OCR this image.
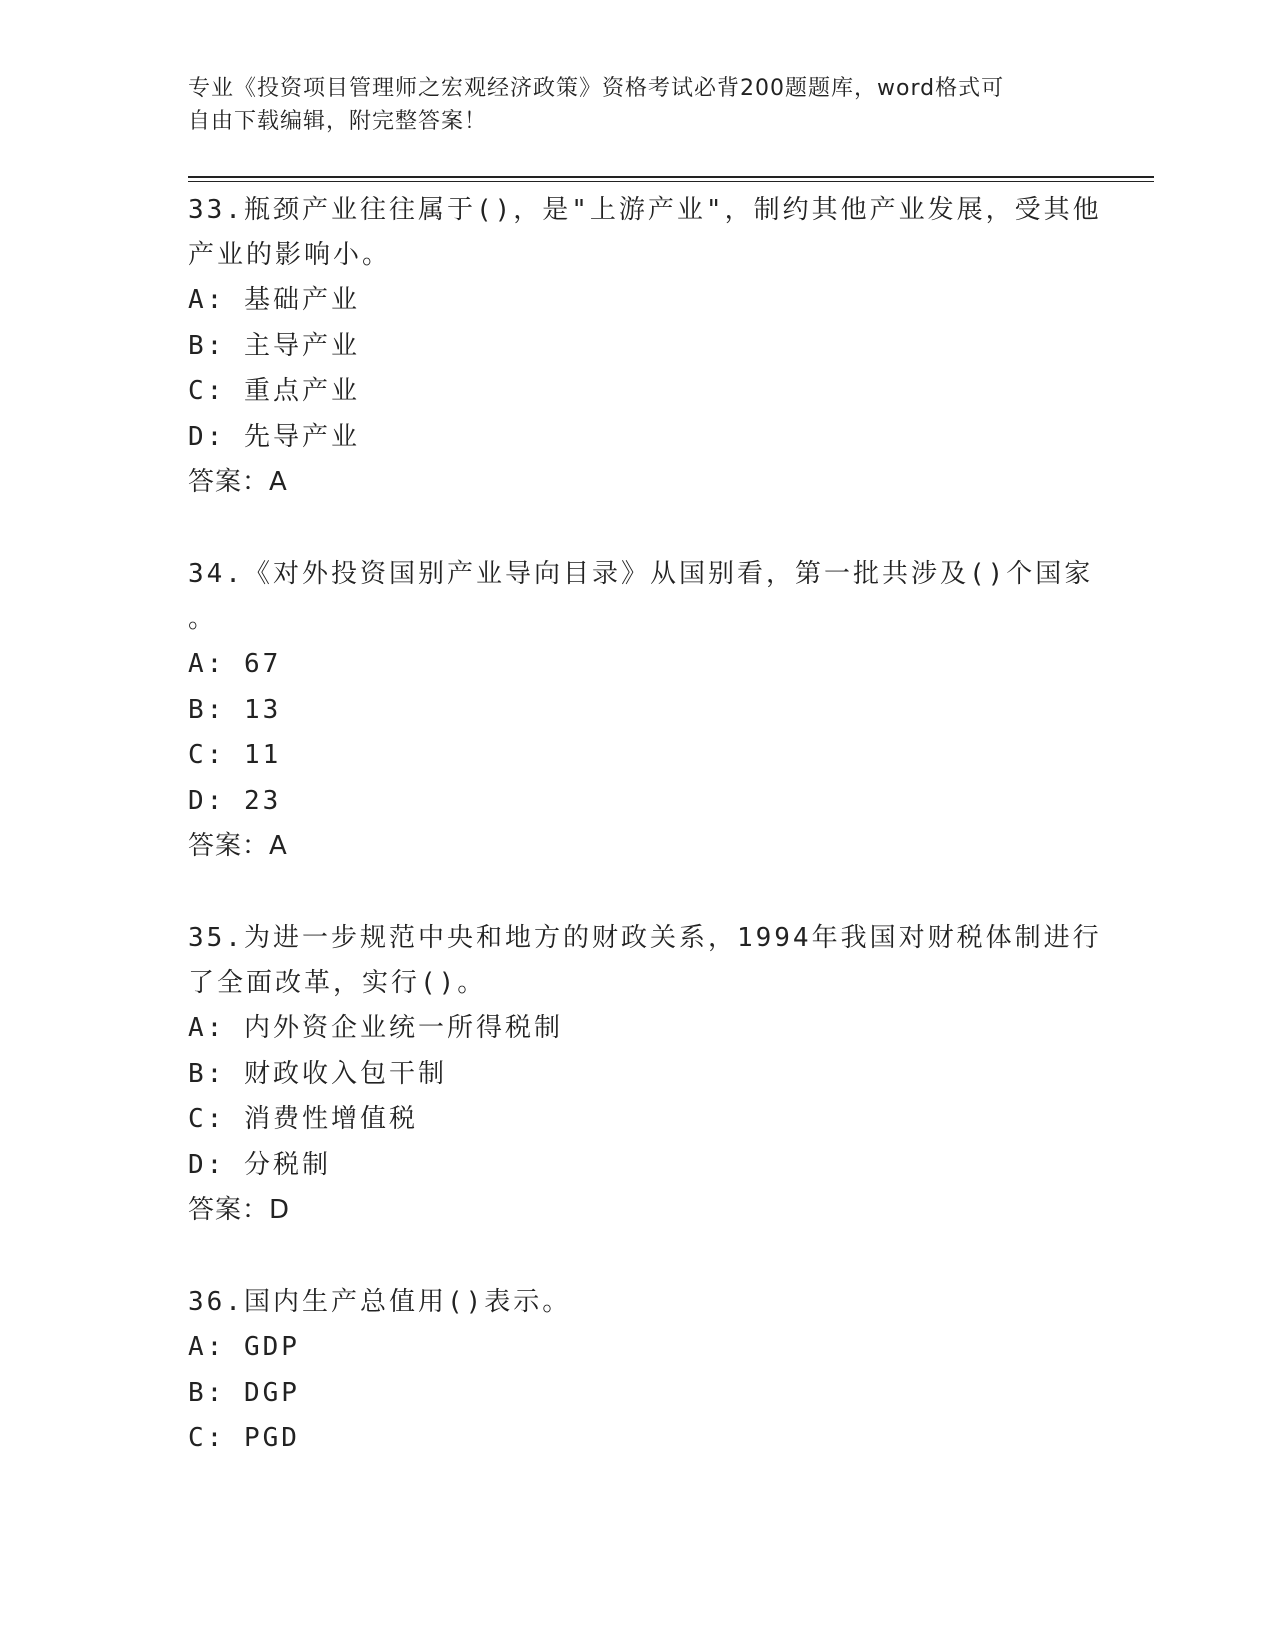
专业《投资项目管理师之宏观经济政策》资格考试必背200题题库，word格式可
自由下载编辑，附完整答案！

33.瓶颈产业往往属于()，是"上游产业"，制约其他产业发展，受其他

产业的影响小。

A: 基础产业

B: 主导产业

C: 重点产业

D: 先导产业

答案：A

34.《对外投资国别产业导向目录》从国别看，第一批共涉及()个国家

。

A: 67

B: 13

C: 11

D: 23

答案：A

35.为进一步规范中央和地方的财政关系，1994年我国对财税体制进行

了全面改革，实行()。

A: 内外资企业统一所得税制

B: 财政收入包干制

C: 消费性增值税

D: 分税制

答案：D

36.国内生产总值用()表示。

A: GDP

B: DGP

C: PGD
